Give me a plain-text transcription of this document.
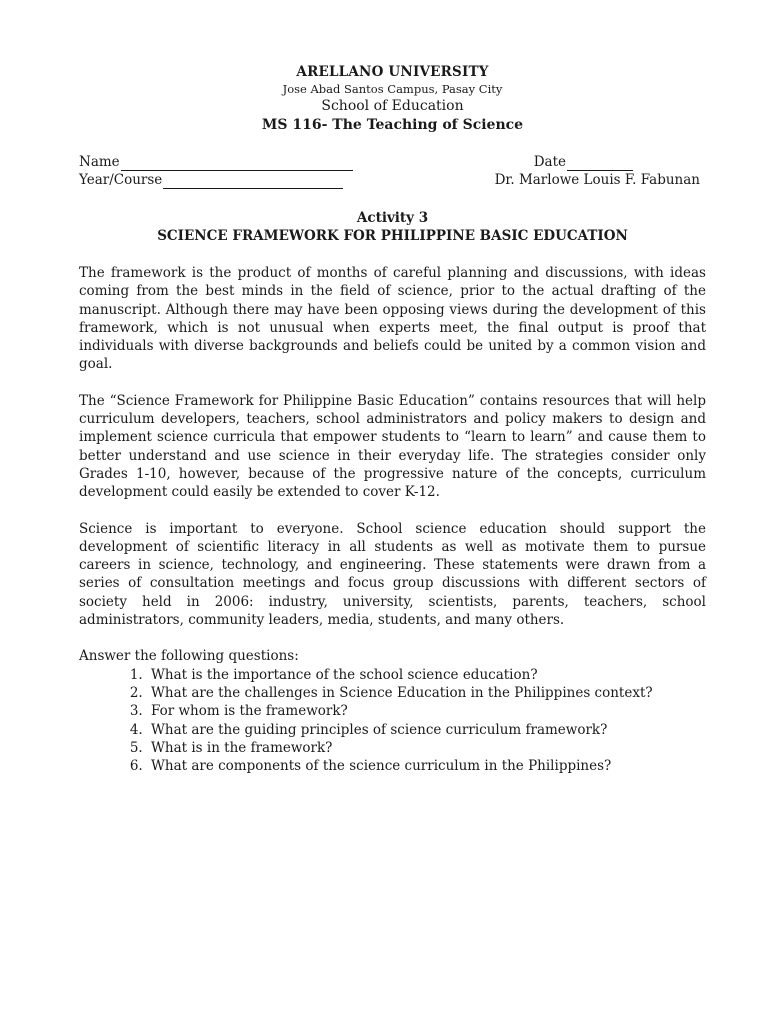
ARELLANO UNIVERSITY
Jose Abad Santos Campus, Pasay City
School of Education
MS 116- The Teaching of Science
Name	Date
Year/Course	Dr. Marlowe Louis F. Fabunan
Activity 3
SCIENCE FRAMEWORK FOR PHILIPPINE BASIC EDUCATION

The framework is the product of months of careful planning and discussions, with ideas coming from the best minds in the field of science, prior to the actual drafting of the manuscript. Although there may have been opposing views during the development of this framework, which is not unusual when experts meet, the final output is proof that individuals with diverse backgrounds and beliefs could be united by a common vision and goal.

The “Science Framework for Philippine Basic Education” contains resources that will help curriculum developers, teachers, school administrators and policy makers to design and implement science curricula that empower students to “learn to learn” and cause them to better understand and use science in their everyday life. The strategies consider only Grades 1-10, however, because of the progressive nature of the concepts, curriculum development could easily be extended to cover K-12.

Science is important to everyone. School science education should support the development of scientific literacy in all students as well as motivate them to pursue careers in science, technology, and engineering. These statements were drawn from a series of consultation meetings and focus group discussions with different sectors of society held in 2006: industry, university, scientists, parents, teachers, school administrators, community leaders, media, students, and many others.

Answer the following questions:
1. What is the importance of the school science education?
2. What are the challenges in Science Education in the Philippines context?
3. For whom is the framework?
4. What are the guiding principles of science curriculum framework?
5. What is in the framework?
6. What are components of the science curriculum in the Philippines?
